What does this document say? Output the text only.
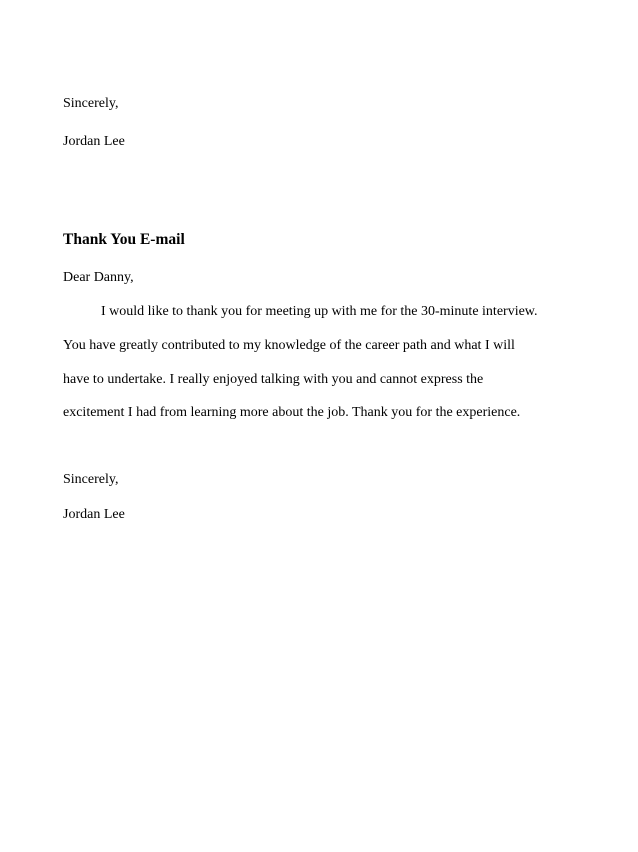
Sincerely,
Jordan Lee
Thank You E-mail
Dear Danny,
I would like to thank you for meeting up with me for the 30-minute interview.
You have greatly contributed to my knowledge of the career path and what I will
have to undertake. I really enjoyed talking with you and cannot express the
excitement I had from learning more about the job. Thank you for the experience.
Sincerely,
Jordan Lee
